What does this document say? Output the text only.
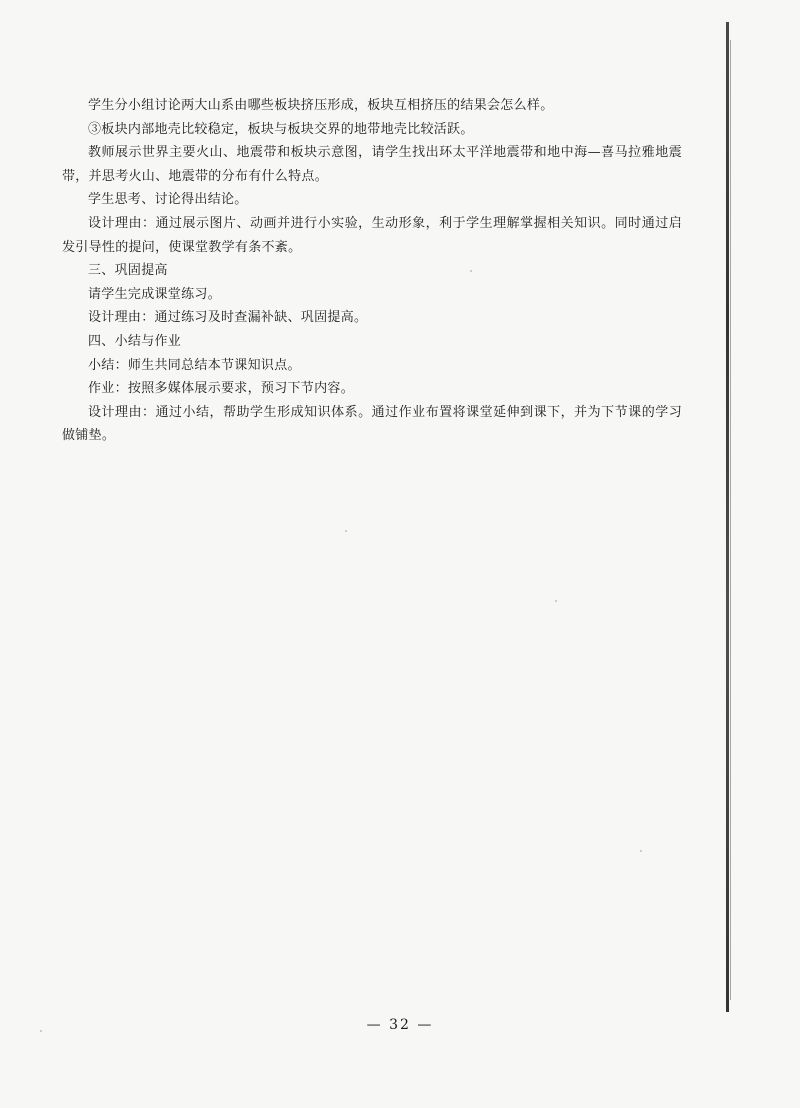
学生分小组讨论两大山系由哪些板块挤压形成，板块互相挤压的结果会怎么样。

③板块内部地壳比较稳定，板块与板块交界的地带地壳比较活跃。

教师展示世界主要火山、地震带和板块示意图，请学生找出环太平洋地震带和地中海—喜马拉雅地震带，并思考火山、地震带的分布有什么特点。

学生思考、讨论得出结论。

设计理由：通过展示图片、动画并进行小实验，生动形象，利于学生理解掌握相关知识。同时通过启发引导性的提问，使课堂教学有条不紊。

三、巩固提高

请学生完成课堂练习。

设计理由：通过练习及时查漏补缺、巩固提高。

四、小结与作业

小结：师生共同总结本节课知识点。

作业：按照多媒体展示要求，预习下节内容。

设计理由：通过小结，帮助学生形成知识体系。通过作业布置将课堂延伸到课下，并为下节课的学习做铺垫。

— 32 —
